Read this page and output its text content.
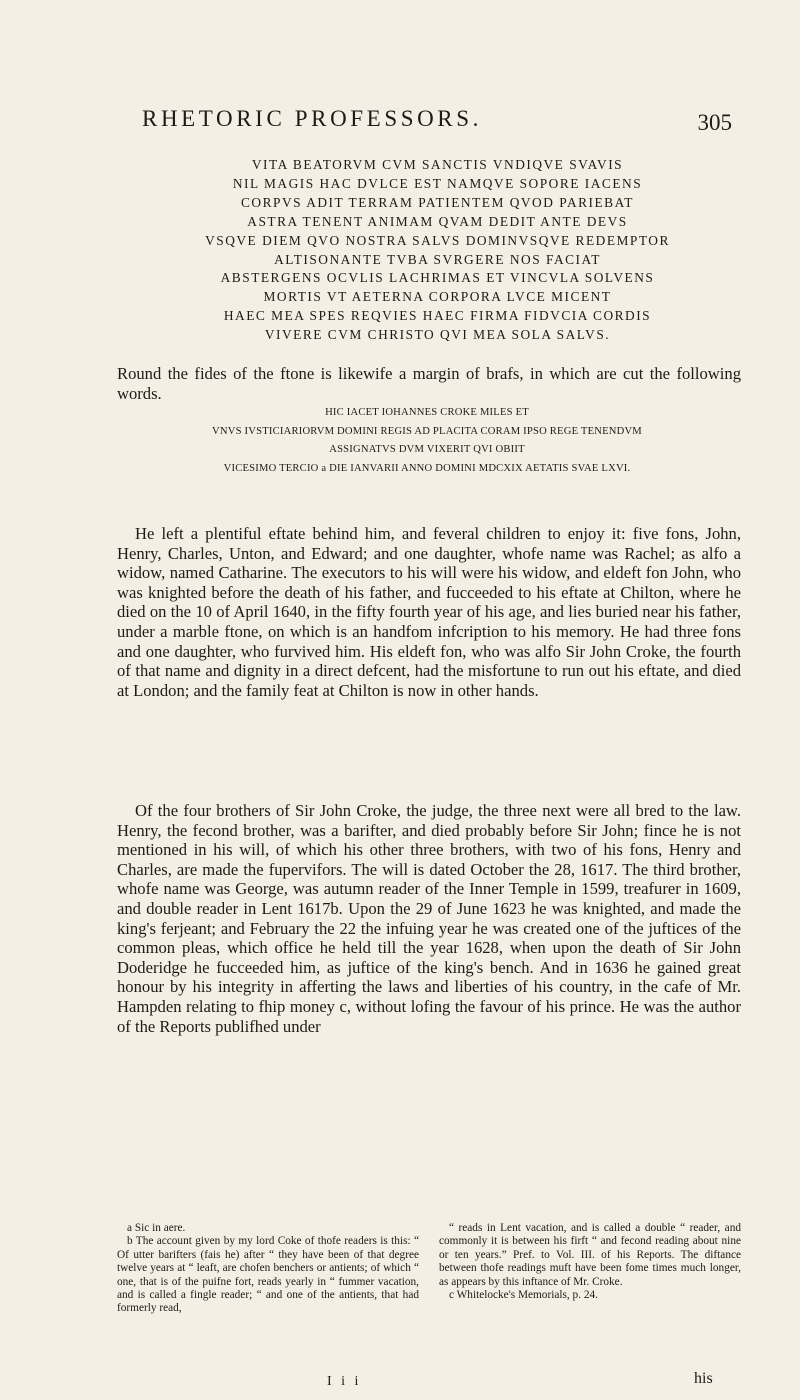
RHETORIC PROFESSORS.	305
VITA BEATORVM CVM SANCTIS VNDIQVE SVAVIS
NIL MAGIS HAC DVLCE EST NAMQVE SOPORE IACENS
CORPVS ADIT TERRAM PATIENTEM QVOD PARIEBAT
ASTRA TENENT ANIMAM QVAM DEDIT ANTE DEVS
VSQVE DIEM QVO NOSTRA SALVS DOMINVSQVE REDEMPTOR
ALTISONANTE TVBA SVRGERE NOS FACIAT
ABSTERGENS OCVLIS LACHRIMAS ET VINCVLA SOLVENS
MORTIS VT AETERNA CORPORA LVCE MICENT
HAEC MEA SPES REQVIES HAEC FIRMA FIDVCIA CORDIS
VIVERE CVM CHRISTO QVI MEA SOLA SALVS.

Round the fides of the ftone is likewife a margin of brafs, in which are cut the following words.

HIC IACET IOHANNES CROKE MILES ET
VNVS IVSTICIARIORVM DOMINI REGIS AD PLACITA CORAM IPSO REGE TENENDVM
ASSIGNATVS DVM VIXERIT QVI OBIIT
VICESIMO TERCIO a DIE IANVARII ANNO DOMINI MDCXIX AETATIS SVAE LXVI.

He left a plentiful eftate behind him, and feveral children to enjoy it: five fons, John, Henry, Charles, Unton, and Edward; and one daughter, whofe name was Rachel; as alfo a widow, named Catharine. The executors to his will were his widow, and eldeft fon John, who was knighted before the death of his father, and fucceeded to his eftate at Chilton, where he died on the 10 of April 1640, in the fifty fourth year of his age, and lies buried near his father, under a marble ftone, on which is an handfom infcription to his memory. He had three fons and one daughter, who furvived him. His eldeft fon, who was alfo Sir John Croke, the fourth of that name and dignity in a direct defcent, had the misfortune to run out his eftate, and died at London; and the family feat at Chilton is now in other hands.

Of the four brothers of Sir John Croke, the judge, the three next were all bred to the law. Henry, the fecond brother, was a barifter, and died probably before Sir John; fince he is not mentioned in his will, of which his other three brothers, with two of his fons, Henry and Charles, are made the fupervifors. The will is dated October the 28, 1617. The third brother, whofe name was George, was autumn reader of the Inner Temple in 1599, treafurer in 1609, and double reader in Lent 1617b. Upon the 29 of June 1623 he was knighted, and made the king's ferjeant; and February the 22 the infuing year he was created one of the juftices of the common pleas, which office he held till the year 1628, when upon the death of Sir John Doderidge he fucceeded him, as juftice of the king's bench. And in 1636 he gained great honour by his integrity in afferting the laws and liberties of his country, in the cafe of Mr. Hampden relating to fhip money c, without lofing the favour of his prince. He was the author of the Reports publifhed under

a Sic in aere.

b The account given by my lord Coke of thofe readers is this: “ Of utter barifters (fais he) after “ they have been of that degree twelve years at “ leaft, are chofen benchers or antients; of which “ one, that is of the puifne fort, reads yearly in “ fummer vacation, and is called a fingle reader; “ and one of the antients, that had formerly read,

“ reads in Lent vacation, and is called a double “ reader, and commonly it is between his firft “ and fecond reading about nine or ten years.” Pref. to Vol. III. of his Reports. The diftance between thofe readings muft have been fome times much longer, as appears by this inftance of Mr. Croke.

c Whitelocke's Memorials, p. 24.

I i i	his
